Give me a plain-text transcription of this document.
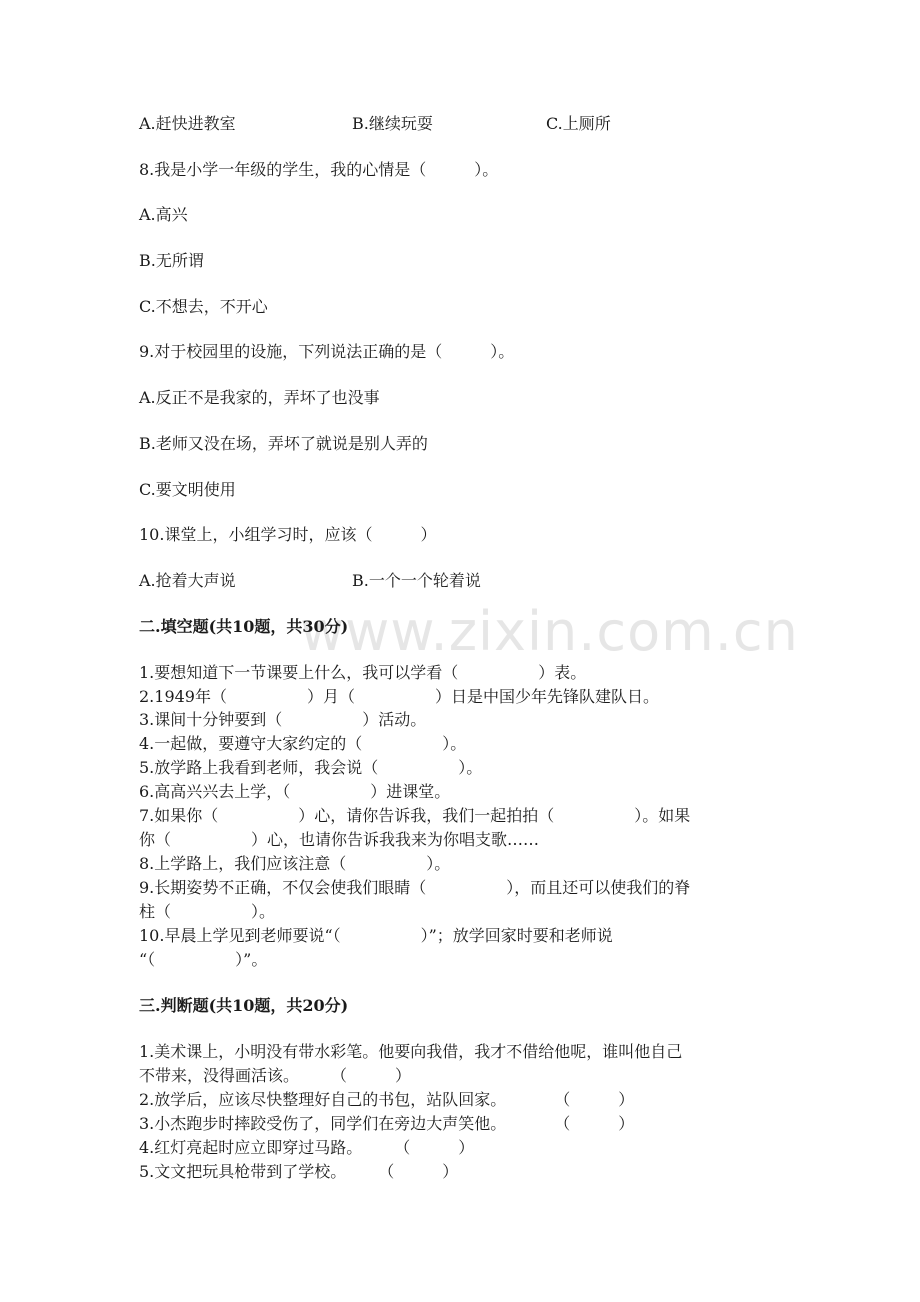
www.zixin.com.cn
A.赶快进教室	B.继续玩耍	C.上厕所
8.我是小学一年级的学生，我的心情是（　　　）。
A.高兴
B.无所谓
C.不想去，不开心
9.对于校园里的设施，下列说法正确的是（　　　）。
A.反正不是我家的，弄坏了也没事
B.老师又没在场，弄坏了就说是别人弄的
C.要文明使用
10.课堂上，小组学习时，应该（　　　）
A.抢着大声说	B.一个一个轮着说
二.填空题(共10题，共30分)
1.要想知道下一节课要上什么，我可以学看（　　　　　）表。
2.1949年（　　　　　）月（　　　　　）日是中国少年先锋队建队日。
3.课间十分钟要到（　　　　　）活动。
4.一起做，要遵守大家约定的（　　　　　）。
5.放学路上我看到老师，我会说（　　　　　）。
6.高高兴兴去上学，（　　　　　）进课堂。
7.如果你（　　　　　）心，请你告诉我，我们一起拍拍（　　　　　）。如果
你（　　　　　）心，也请你告诉我我来为你唱支歌……
8.上学路上，我们应该注意（　　　　　）。
9.长期姿势不正确，不仅会使我们眼睛（　　　　　），而且还可以使我们的脊
柱（　　　　　）。
10.早晨上学见到老师要说“（　　　　　）”；放学回家时要和老师说
“（　　　　　）”。
三.判断题(共10题，共20分)
1.美术课上，小明没有带水彩笔。他要向我借，我才不借给他呢，谁叫他自己
不带来，没得画活该。　　　（　　　）
2.放学后，应该尽快整理好自己的书包，站队回家。　　　　（　　　）
3.小杰跑步时摔跤受伤了，同学们在旁边大声笑他。　　　　（　　　）
4.红灯亮起时应立即穿过马路。　　　（　　　）
5.文文把玩具枪带到了学校。　　　（　　　）
